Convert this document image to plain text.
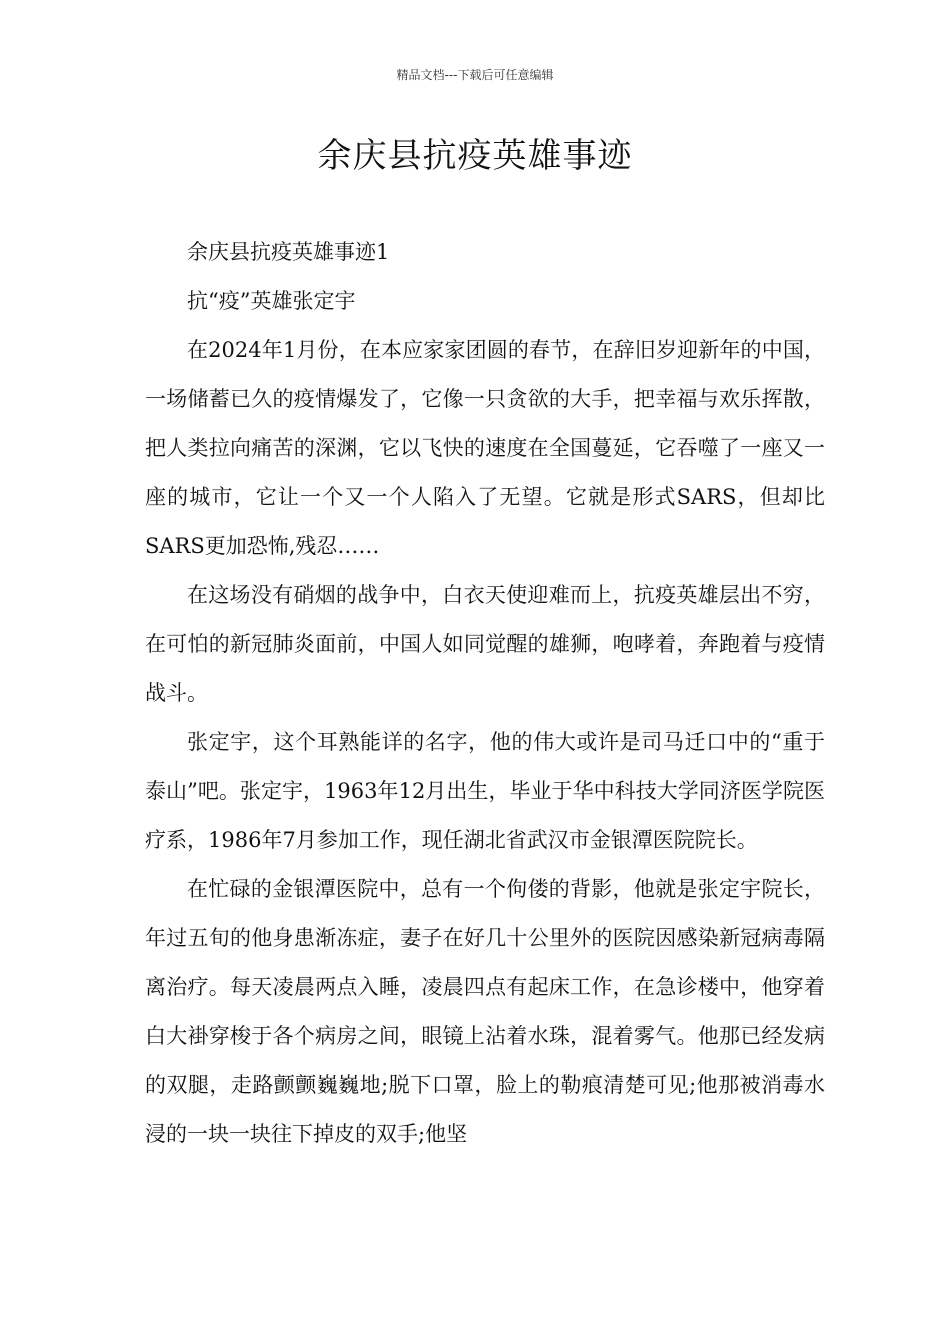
精品文档---下载后可任意编辑
余庆县抗疫英雄事迹

余庆县抗疫英雄事迹1

抗“疫”英雄张定宇

在2024年1月份，在本应家家团圆的春节，在辞旧岁迎新年的中国，一场储蓄已久的疫情爆发了，它像一只贪欲的大手，把幸福与欢乐挥散，把人类拉向痛苦的深渊，它以飞快的速度在全国蔓延，它吞噬了一座又一座的城市，它让一个又一个人陷入了无望。它就是形式SARS，但却比SARS更加恐怖,残忍……

在这场没有硝烟的战争中，白衣天使迎难而上，抗疫英雄层出不穷，在可怕的新冠肺炎面前，中国人如同觉醒的雄狮，咆哮着，奔跑着与疫情战斗。

张定宇，这个耳熟能详的名字，他的伟大或许是司马迁口中的“重于泰山”吧。张定宇，1963年12月出生，毕业于华中科技大学同济医学院医疗系，1986年7月参加工作，现任湖北省武汉市金银潭医院院长。

在忙碌的金银潭医院中，总有一个佝偻的背影，他就是张定宇院长，年过五旬的他身患渐冻症，妻子在好几十公里外的医院因感染新冠病毒隔离治疗。每天凌晨两点入睡，凌晨四点有起床工作，在急诊楼中，他穿着白大褂穿梭于各个病房之间，眼镜上沾着水珠，混着雾气。他那已经发病的双腿，走路颤颤巍巍地;脱下口罩，脸上的勒痕清楚可见;他那被消毒水浸的一块一块往下掉皮的双手;他坚
